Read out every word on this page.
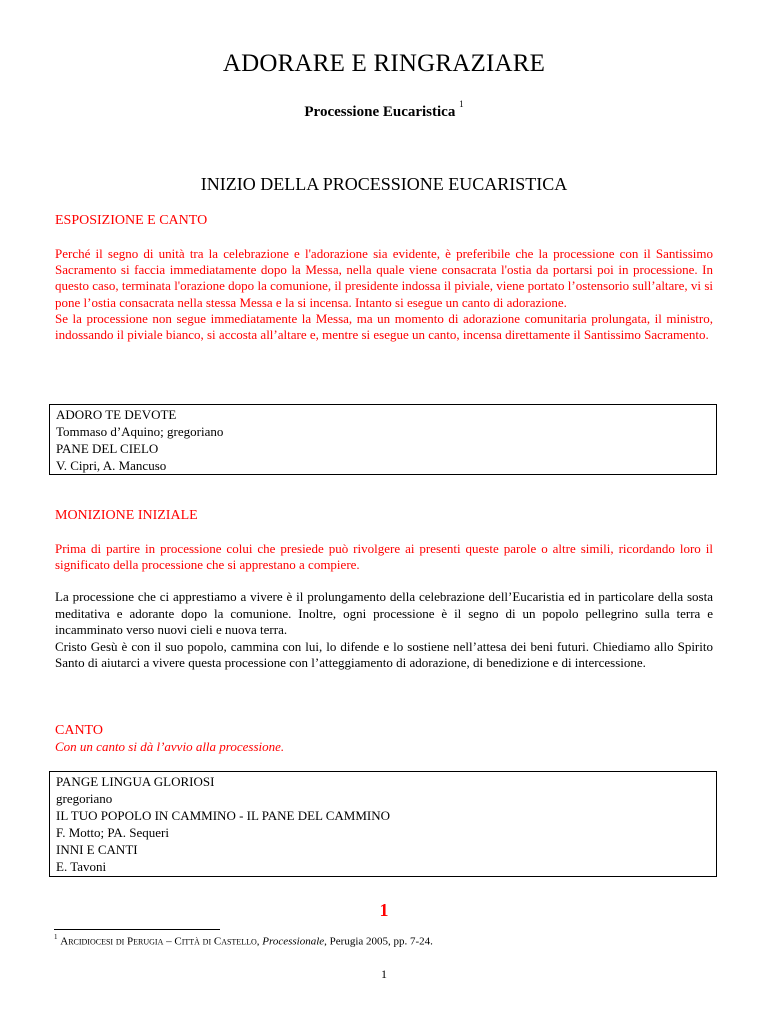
ADORARE E RINGRAZIARE
Processione Eucaristica $^1$
INIZIO DELLA PROCESSIONE EUCARISTICA
ESPOSIZIONE E CANTO

Perché il segno di unità tra la celebrazione e l'adorazione sia evidente, è preferibile che la processione con il Santissimo Sacramento si faccia immediatamente dopo la Messa, nella quale viene consacrata l'ostia da portarsi poi in processione. In questo caso, terminata l'orazione dopo la comunione, il presidente indossa il piviale, viene portato l’ostensorio sull’altare, vi si pone l’ostia consacrata nella stessa Messa e la si incensa. Intanto si esegue un canto di adorazione.

Se la processione non segue immediatamente la Messa, ma un momento di adorazione comunitaria prolungata, il ministro, indossando il piviale bianco, si accosta all’altare e, mentre si esegue un canto, incensa direttamente il Santissimo Sacramento.

ADORO TE DEVOTE
Tommaso d’Aquino; gregoriano
PANE DEL CIELO
V. Cipri, A. Mancuso
MONIZIONE INIZIALE
Prima di partire in processione colui che presiede può rivolgere ai presenti queste parole o altre simili, ricordando loro il significato della processione che si apprestano a compiere.

La processione che ci apprestiamo a vivere è il prolungamento della celebrazione dell’Eucaristia ed in particolare della sosta meditativa e adorante dopo la comunione. Inoltre, ogni processione è il segno di un popolo pellegrino sulla terra e incamminato verso nuovi cieli e nuova terra.

Cristo Gesù è con il suo popolo, cammina con lui, lo difende e lo sostiene nell’attesa dei beni futuri. Chiediamo allo Spirito Santo di aiutarci a vivere questa processione con l’atteggiamento di adorazione, di benedizione e di intercessione.

CANTO
Con un canto si dà l’avvio alla processione.
PANGE LINGUA GLORIOSI
gregoriano
IL TUO POPOLO IN CAMMINO - IL PANE DEL CAMMINO
F. Motto; PA. Sequeri
INNI E CANTI
E. Tavoni
1
$^1$ Arcidiocesi di Perugia – Città di Castello, Processionale, Perugia 2005, pp. 7-24.
1
